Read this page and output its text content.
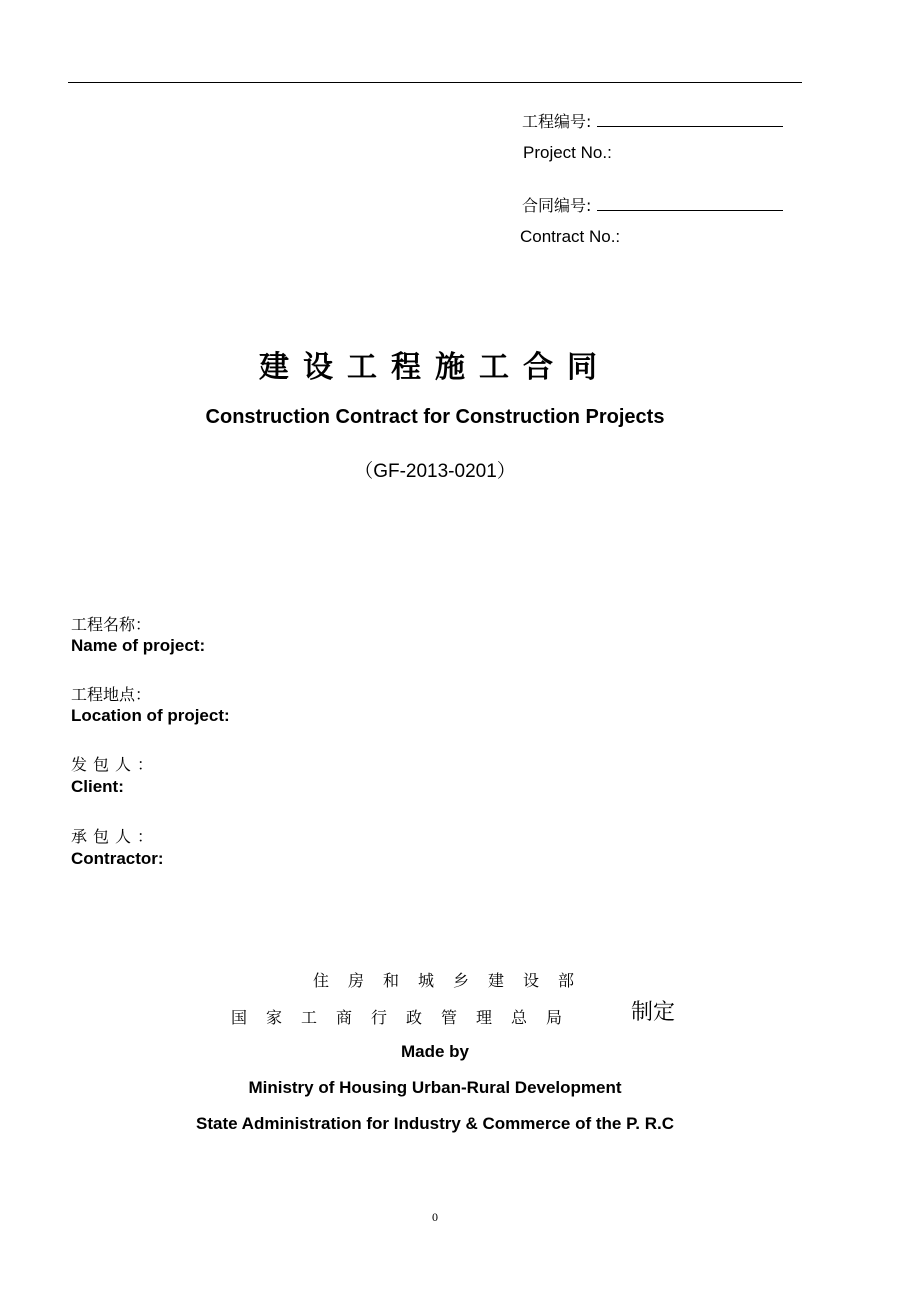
工程编号:
Project No.:
合同编号:
Contract No.:
建设工程施工合同
Construction Contract for Construction Projects
（GF-2013-0201）
工程名称：
Name of project:
工程地点：
Location of project:
发包人：
Client:
承包人：
Contractor:
住房和城乡建设部
国家工商行政管理总局 制定
Made by
Ministry of Housing Urban-Rural Development
State Administration for Industry & Commerce of the P. R.C
0
